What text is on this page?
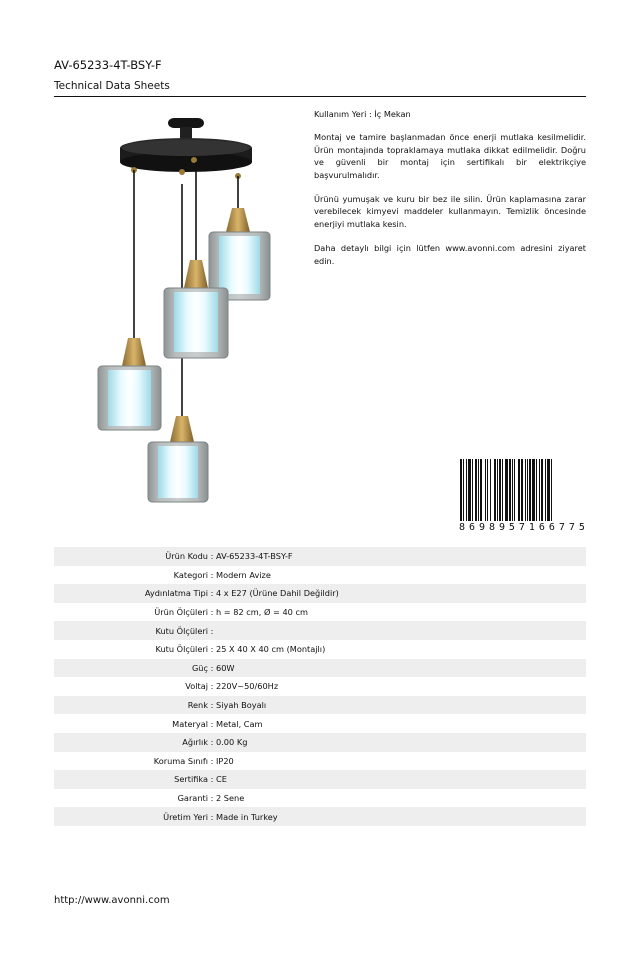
AV-65233-4T-BSY-F
Technical Data Sheets

Kullanım Yeri : İç Mekan

Montaj ve tamire başlanmadan önce enerji mutlaka kesilmelidir. Ürün montajında topraklamaya mutlaka dikkat edilmelidir. Doğru ve güvenli bir montaj için sertifikalı bir elektrikçiye başvurulmalıdır.

Ürünü yumuşak ve kuru bir bez ile silin. Ürün kaplamasına zarar verebilecek kimyevi maddeler kullanmayın. Temizlik öncesinde enerjiyi mutlaka kesin.

Daha detaylı bilgi için lütfen www.avonni.com adresini ziyaret edin.

8 6 9 8 9 5 7 1 6 6 7 7 5
Ürün Kodu : AV-65233-4T-BSY-F
Kategori : Modern Avize
Aydınlatma Tipi : 4 x E27 (Ürüne Dahil Değildir)
Ürün Ölçüleri : h = 82 cm, Ø = 40 cm
Kutu Ölçüleri :
Kutu Ölçüleri : 25 X 40 X 40 cm (Montajlı)
Güç : 60W
Voltaj : 220V~50/60Hz
Renk : Siyah Boyalı
Materyal : Metal, Cam
Ağırlık : 0.00 Kg
Koruma Sınıfı : IP20
Sertifika : CE
Garanti : 2 Sene
Üretim Yeri : Made in Turkey
http://www.avonni.com
